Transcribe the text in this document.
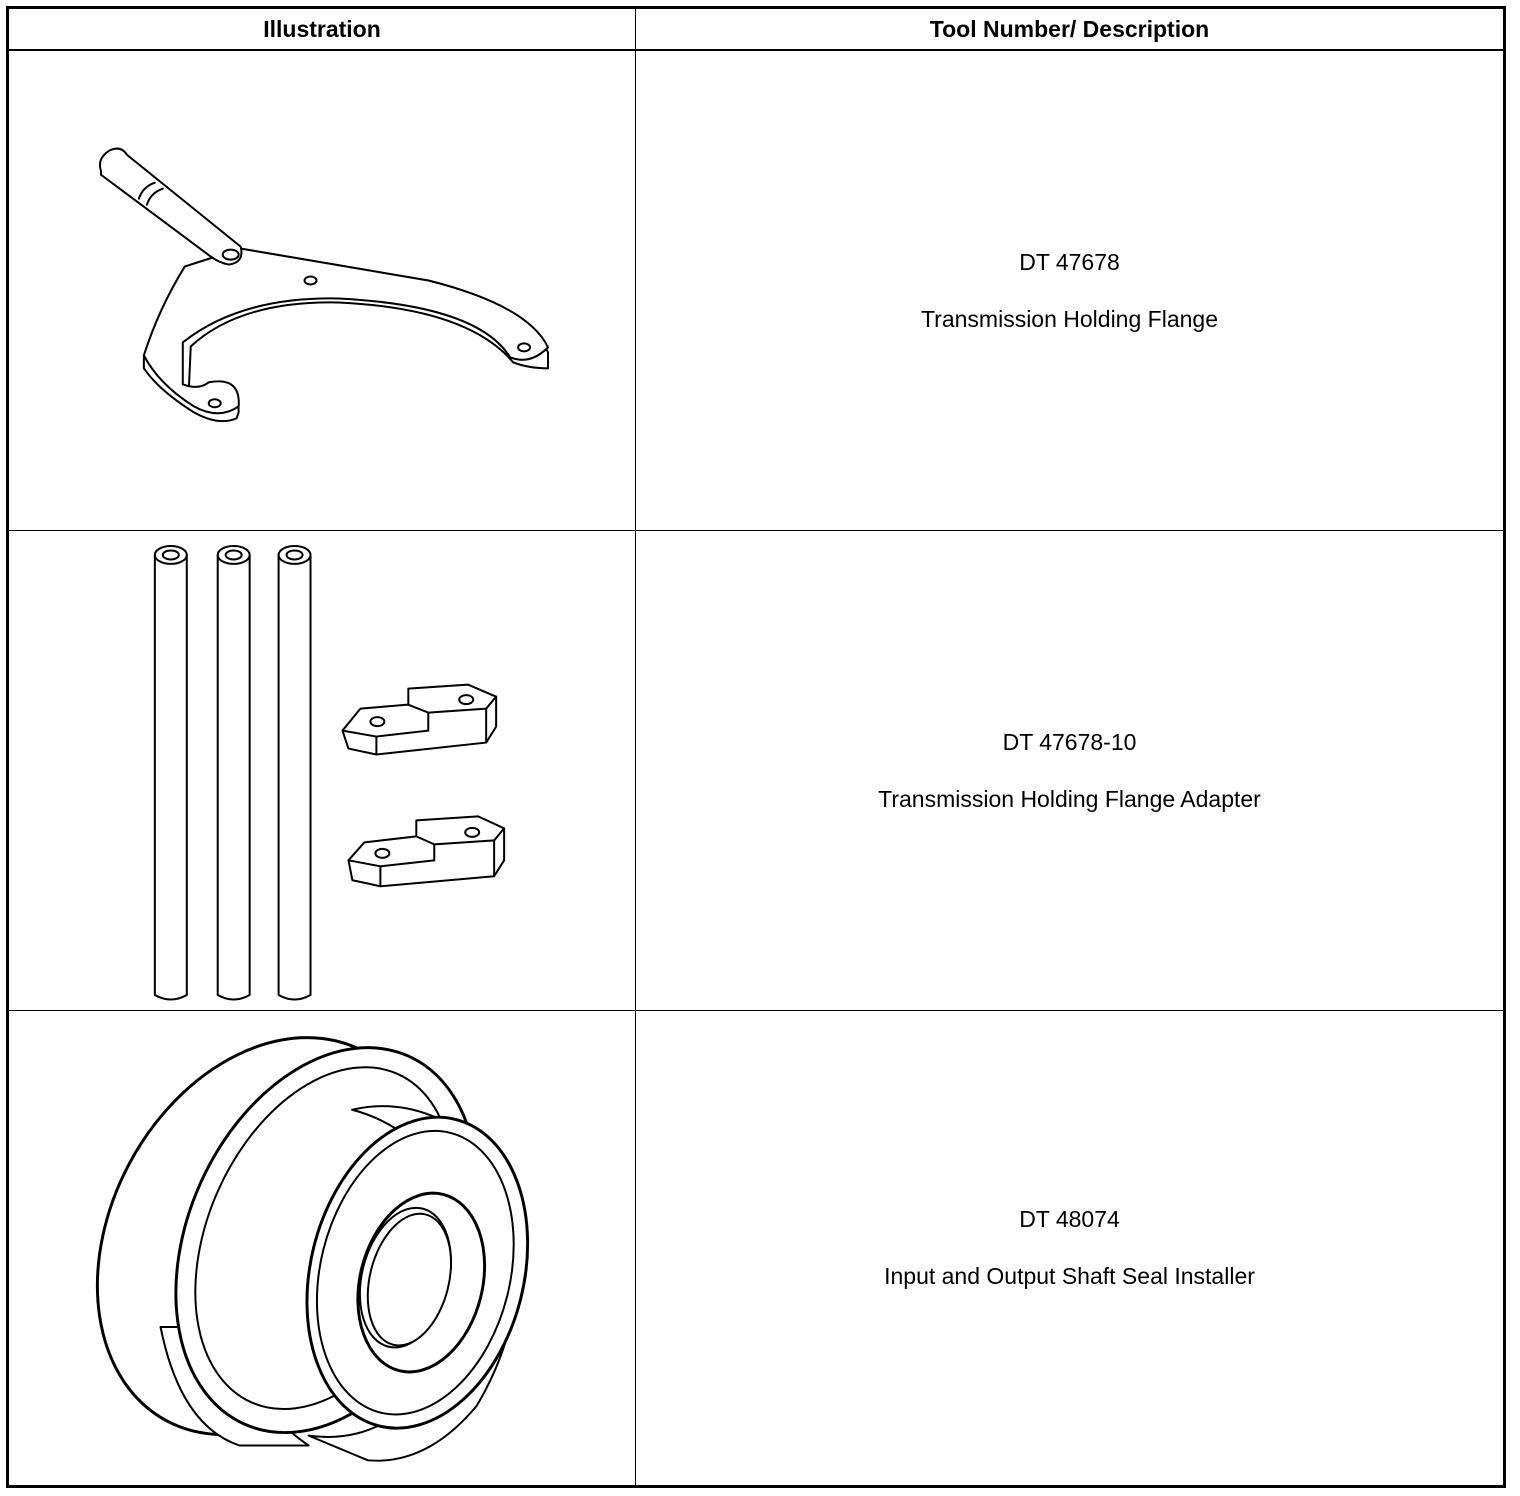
Illustration	Tool Number/ Description
DT 47678
Transmission Holding Flange
DT 47678-10
Transmission Holding Flange Adapter
DT 48074
Input and Output Shaft Seal Installer
